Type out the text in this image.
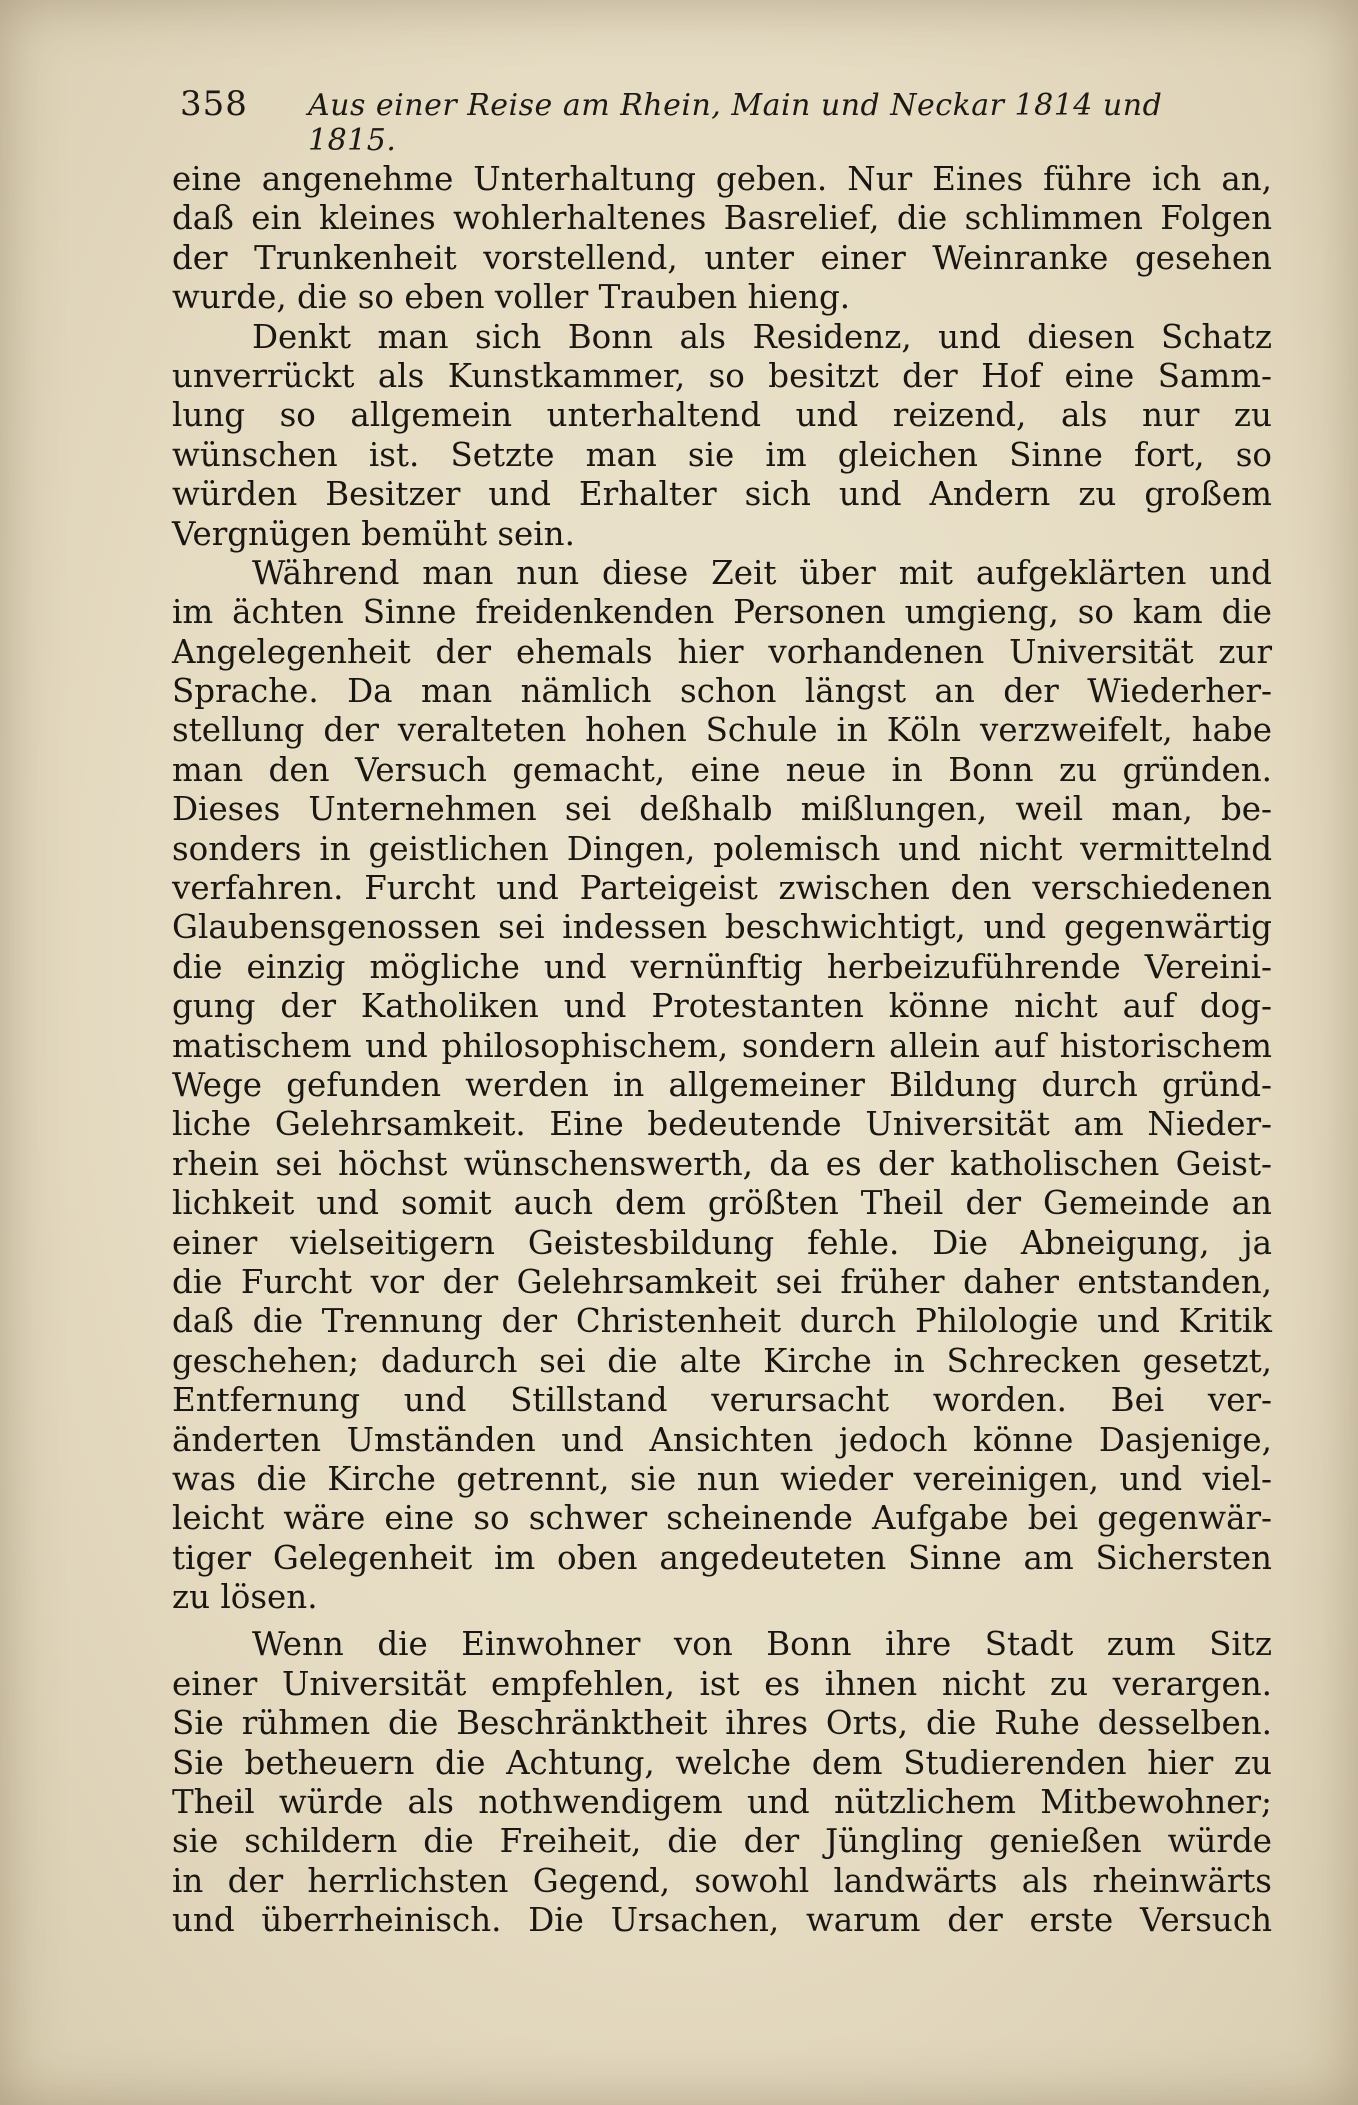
358 Aus einer Reise am Rhein, Main und Neckar 1814 und 1815.
eine angenehme Unterhaltung geben. Nur Eines führe ich an,
daß ein kleines wohlerhaltenes Basrelief, die schlimmen Folgen
der Trunkenheit vorstellend, unter einer Weinranke gesehen
wurde, die so eben voller Trauben hieng.
Denkt man sich Bonn als Residenz, und diesen Schatz
unverrückt als Kunstkammer, so besitzt der Hof eine Samm-
lung so allgemein unterhaltend und reizend, als nur zu
wünschen ist. Setzte man sie im gleichen Sinne fort, so
würden Besitzer und Erhalter sich und Andern zu großem
Vergnügen bemüht sein.
Während man nun diese Zeit über mit aufgeklärten und
im ächten Sinne freidenkenden Personen umgieng, so kam die
Angelegenheit der ehemals hier vorhandenen Universität zur
Sprache. Da man nämlich schon längst an der Wiederher-
stellung der veralteten hohen Schule in Köln verzweifelt, habe
man den Versuch gemacht, eine neue in Bonn zu gründen.
Dieses Unternehmen sei deßhalb mißlungen, weil man, be-
sonders in geistlichen Dingen, polemisch und nicht vermittelnd
verfahren. Furcht und Parteigeist zwischen den verschiedenen
Glaubensgenossen sei indessen beschwichtigt, und gegenwärtig
die einzig mögliche und vernünftig herbeizuführende Vereini-
gung der Katholiken und Protestanten könne nicht auf dog-
matischem und philosophischem, sondern allein auf historischem
Wege gefunden werden in allgemeiner Bildung durch gründ-
liche Gelehrsamkeit. Eine bedeutende Universität am Nieder-
rhein sei höchst wünschenswerth, da es der katholischen Geist-
lichkeit und somit auch dem größten Theil der Gemeinde an
einer vielseitigern Geistesbildung fehle. Die Abneigung, ja
die Furcht vor der Gelehrsamkeit sei früher daher entstanden,
daß die Trennung der Christenheit durch Philologie und Kritik
geschehen; dadurch sei die alte Kirche in Schrecken gesetzt,
Entfernung und Stillstand verursacht worden. Bei ver-
änderten Umständen und Ansichten jedoch könne Dasjenige,
was die Kirche getrennt, sie nun wieder vereinigen, und viel-
leicht wäre eine so schwer scheinende Aufgabe bei gegenwär-
tiger Gelegenheit im oben angedeuteten Sinne am Sichersten
zu lösen.
Wenn die Einwohner von Bonn ihre Stadt zum Sitz
einer Universität empfehlen, ist es ihnen nicht zu verargen.
Sie rühmen die Beschränktheit ihres Orts, die Ruhe desselben.
Sie betheuern die Achtung, welche dem Studierenden hier zu
Theil würde als nothwendigem und nützlichem Mitbewohner;
sie schildern die Freiheit, die der Jüngling genießen würde
in der herrlichsten Gegend, sowohl landwärts als rheinwärts
und überrheinisch. Die Ursachen, warum der erste Versuch
